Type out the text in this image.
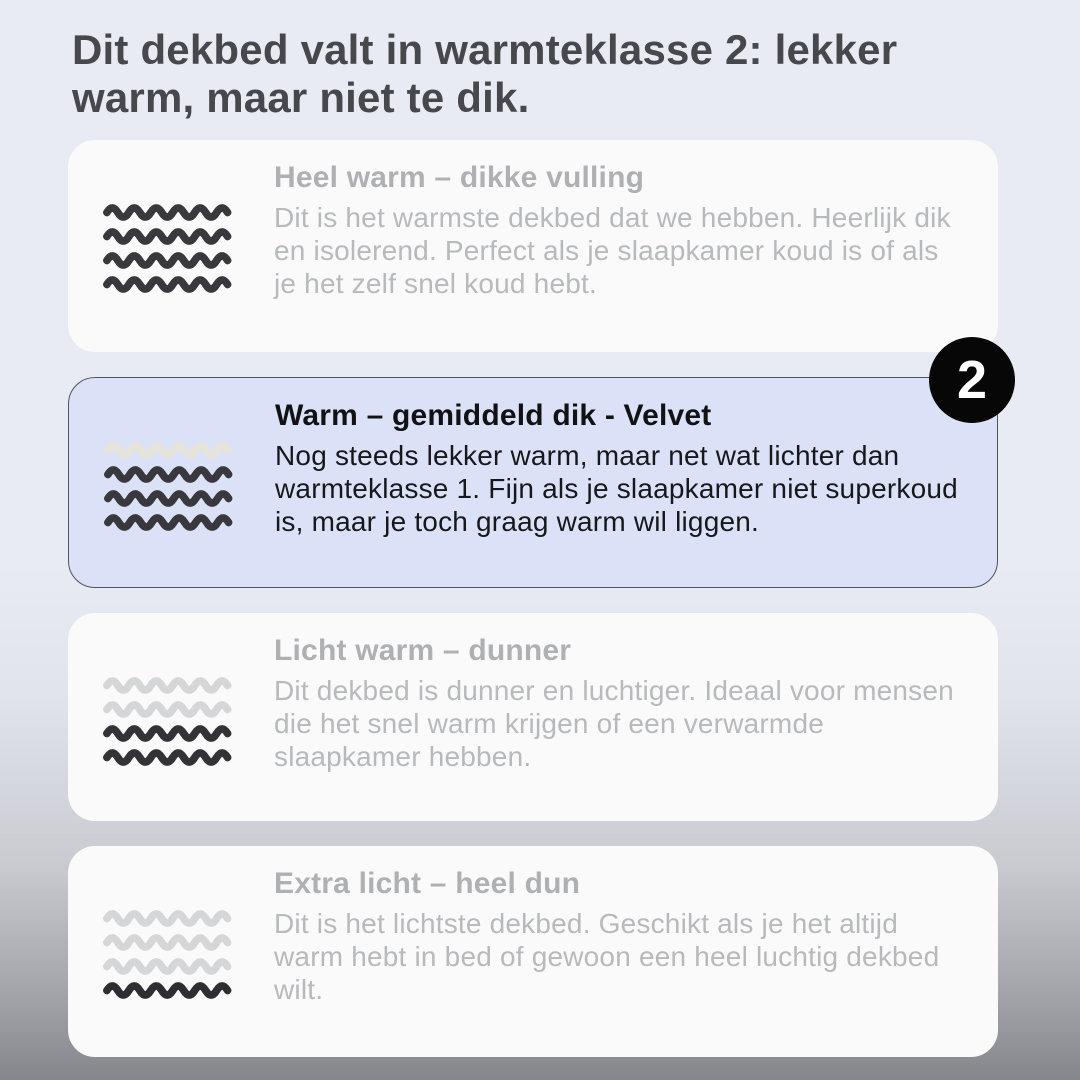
Dit dekbed valt in warmteklasse 2: lekker warm, maar niet te dik.
Heel warm – dikke vulling

Dit is het warmste dekbed dat we hebben. Heerlijk dik en isolerend. Perfect als je slaapkamer koud is of als je het zelf snel koud hebt.

Warm – gemiddeld dik - Velvet

Nog steeds lekker warm, maar net wat lichter dan warmteklasse 1. Fijn als je slaapkamer niet superkoud is, maar je toch graag warm wil liggen.

Licht warm – dunner

Dit dekbed is dunner en luchtiger. Ideaal voor mensen die het snel warm krijgen of een verwarmde slaapkamer hebben.

Extra licht – heel dun

Dit is het lichtste dekbed. Geschikt als je het altijd warm hebt in bed of gewoon een heel luchtig dekbed wilt.

2
